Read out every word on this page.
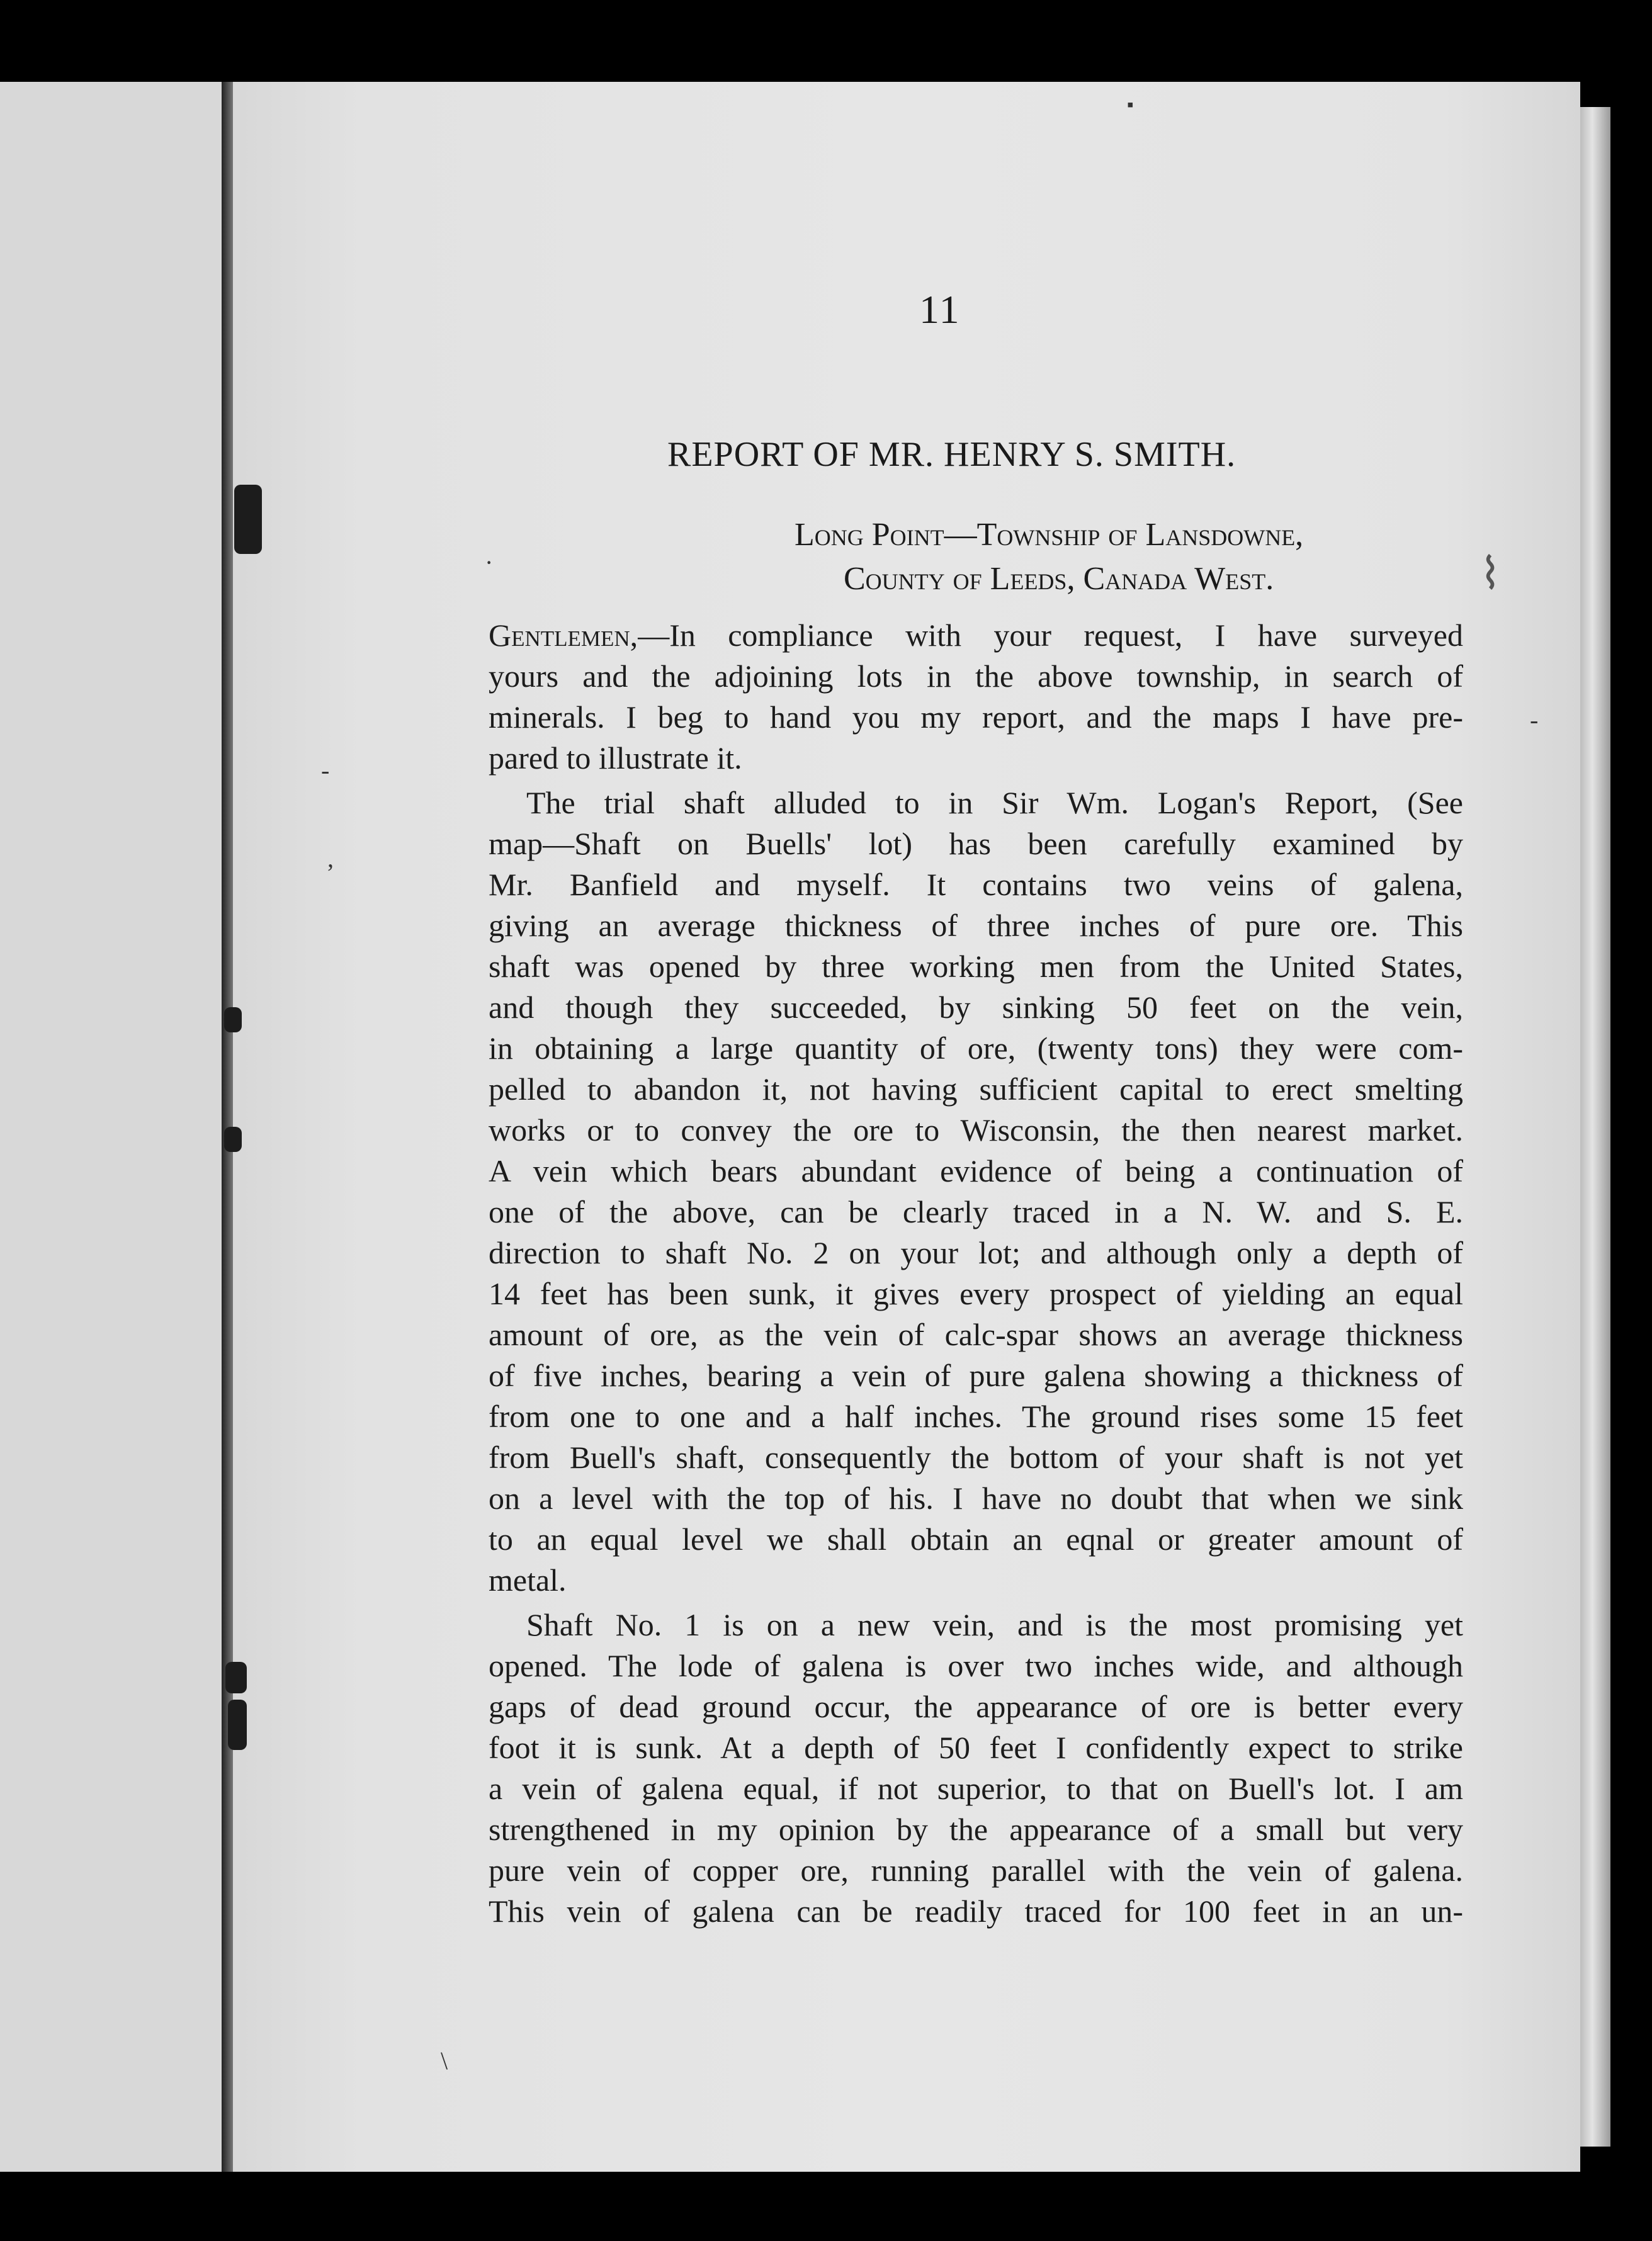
11
REPORT OF MR. HENRY S. SMITH.
Long Point—Township of Lansdowne,
County of Leeds, Canada West.
Gentlemen,—In compliance with your request, I have surveyed
yours and the adjoining lots in the above township, in search of
minerals. I beg to hand you my report, and the maps I have pre-
pared to illustrate it.
The trial shaft alluded to in Sir Wm. Logan's Report, (See
map—Shaft on Buells' lot) has been carefully examined by
Mr. Banfield and myself. It contains two veins of galena,
giving an average thickness of three inches of pure ore. This
shaft was opened by three working men from the United States,
and though they succeeded, by sinking 50 feet on the vein,
in obtaining a large quantity of ore, (twenty tons) they were com-
pelled to abandon it, not having sufficient capital to erect smelting
works or to convey the ore to Wisconsin, the then nearest market.
A vein which bears abundant evidence of being a continuation of
one of the above, can be clearly traced in a N. W. and S. E.
direction to shaft No. 2 on your lot; and although only a depth of
14 feet has been sunk, it gives every prospect of yielding an equal
amount of ore, as the vein of calc-spar shows an average thickness
of five inches, bearing a vein of pure galena showing a thickness of
from one to one and a half inches. The ground rises some 15 feet
from Buell's shaft, consequently the bottom of your shaft is not yet
on a level with the top of his. I have no doubt that when we sink
to an equal level we shall obtain an eqnal or greater amount of
metal.
Shaft No. 1 is on a new vein, and is the most promising yet
opened. The lode of galena is over two inches wide, and although
gaps of dead ground occur, the appearance of ore is better every
foot it is sunk. At a depth of 50 feet I confidently expect to strike
a vein of galena equal, if not superior, to that on Buell's lot. I am
strengthened in my opinion by the appearance of a small but very
pure vein of copper ore, running parallel with the vein of galena.
This vein of galena can be readily traced for 100 feet in an un-
⌇
·
-
-
,
\
▪
